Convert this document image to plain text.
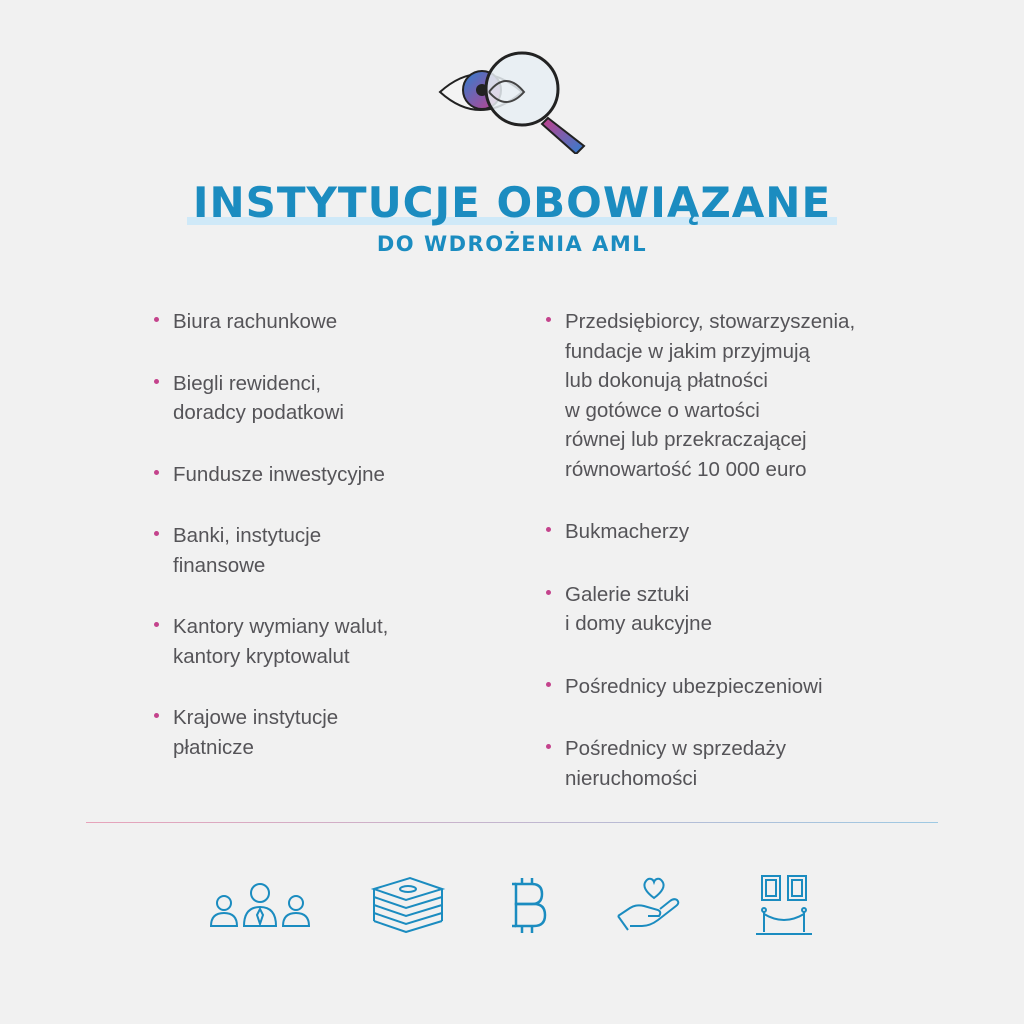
INSTYTUCJE OBOWIĄZANE
DO WDROŻENIA AML
Biura rachunkowe
Biegli rewidenci,
doradcy podatkowi
Fundusze inwestycyjne
Banki, instytucje
finansowe
Kantory wymiany walut,
kantory kryptowalut
Krajowe instytucje
płatnicze
Przedsiębiorcy, stowarzyszenia,
fundacje w jakim przyjmują
lub dokonują płatności
w gotówce o wartości
równej lub przekraczającej
równowartość 10 000 euro
Bukmacherzy
Galerie sztuki
i domy aukcyjne
Pośrednicy ubezpieczeniowi
Pośrednicy w sprzedaży
nieruchomości
